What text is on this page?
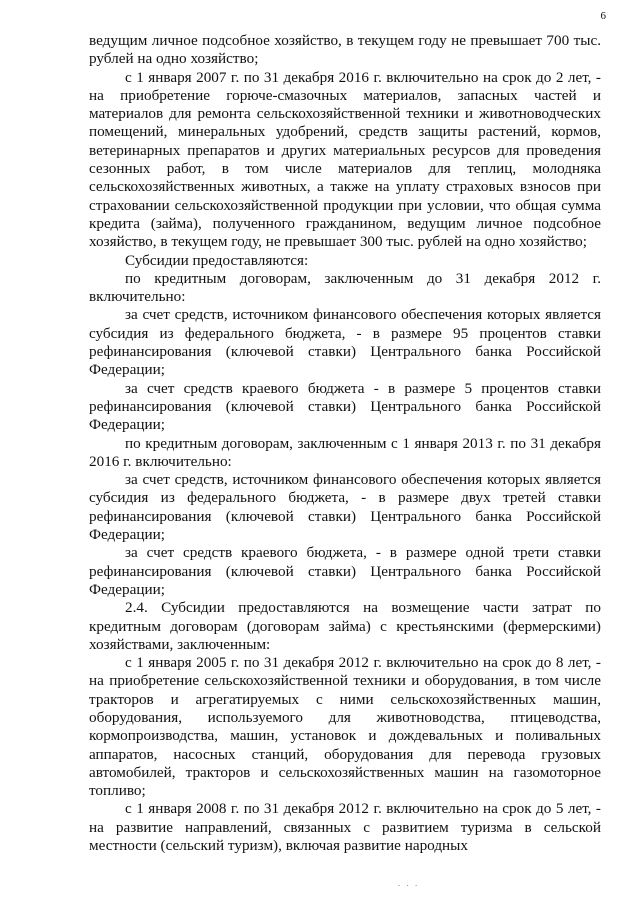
6

ведущим личное подсобное хозяйство, в текущем году не превышает 700 тыс. рублей на одно хозяйство;

с 1 января 2007 г. по 31 декабря 2016 г. включительно на срок до 2 лет, - на приобретение горюче-смазочных материалов, запасных частей и материалов для ремонта сельскохозяйственной техники и животноводческих помещений, минеральных удобрений, средств защиты растений, кормов, ветеринарных препаратов и других материальных ресурсов для проведения сезонных работ, в том числе материалов для теплиц, молодняка сельскохозяйственных животных, а также на уплату страховых взносов при страховании сельскохозяйственной продукции при условии, что общая сумма кредита (займа), полученного гражданином, ведущим личное подсобное хозяйство, в текущем году, не превышает 300 тыс. рублей на одно хозяйство;

Субсидии предоставляются:

по кредитным договорам, заключенным до 31 декабря 2012 г. включительно:

за счет средств, источником финансового обеспечения которых является субсидия из федерального бюджета, - в размере 95 процентов ставки рефинансирования (ключевой ставки) Центрального банка Российской Федерации;

за счет средств краевого бюджета - в размере 5 процентов ставки рефинансирования (ключевой ставки) Центрального банка Российской Федерации;

по кредитным договорам, заключенным с 1 января 2013 г. по 31 декабря 2016 г. включительно:

за счет средств, источником финансового обеспечения которых является субсидия из федерального бюджета, - в размере двух третей ставки рефинансирования (ключевой ставки) Центрального банка Российской Федерации;

за счет средств краевого бюджета, - в размере одной трети ставки рефинансирования (ключевой ставки) Центрального банка Российской Федерации;

2.4. Субсидии предоставляются на возмещение части затрат по кредитным договорам (договорам займа) с крестьянскими (фермерскими) хозяйствами, заключенным:

с 1 января 2005 г. по 31 декабря 2012 г. включительно на срок до 8 лет, - на приобретение сельскохозяйственной техники и оборудования, в том числе тракторов и агрегатируемых с ними сельскохозяйственных машин, оборудования, используемого для животноводства, птицеводства, кормопроизводства, машин, установок и дождевальных и поливальных аппаратов, насосных станций, оборудования для перевода грузовых автомобилей, тракторов и сельскохозяйственных машин на газомоторное топливо;

с 1 января 2008 г. по 31 декабря 2012 г. включительно на срок до 5 лет, - на развитие направлений, связанных с развитием туризма в сельской местности (сельский туризм), включая развитие народных

. . .
